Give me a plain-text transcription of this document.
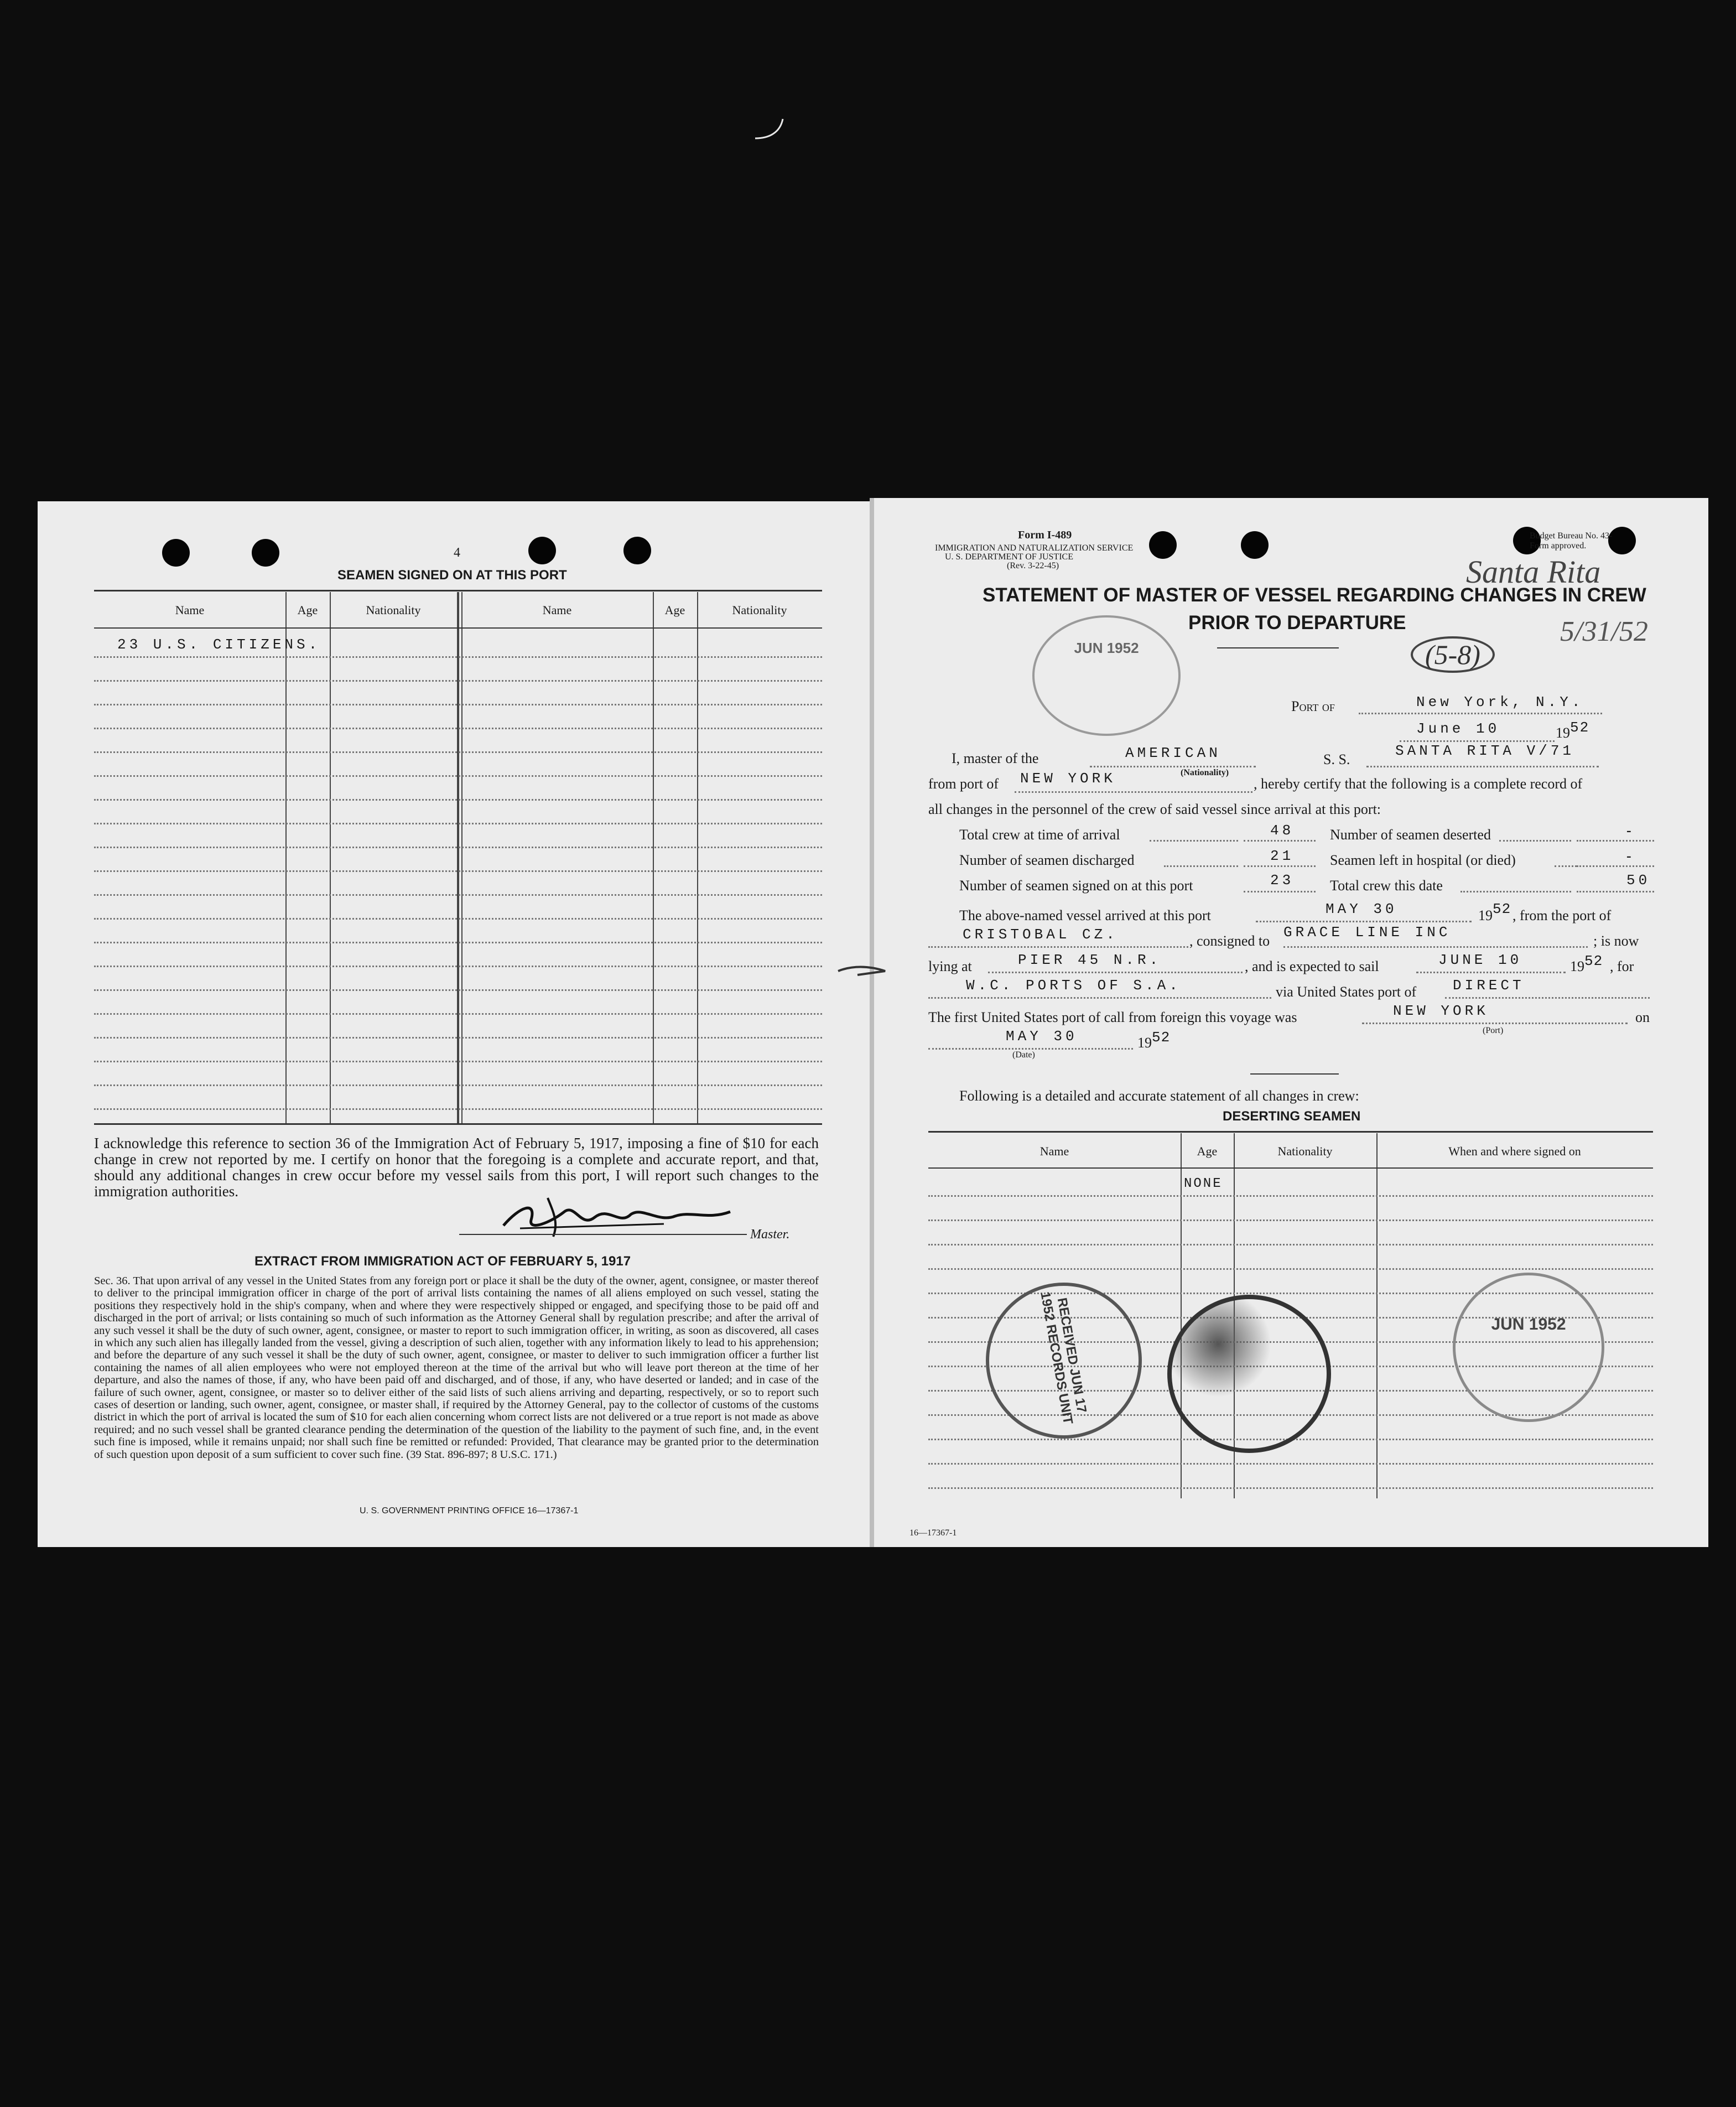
4
SEAMEN SIGNED ON AT THIS PORT
Name	Age	Nationality	Name	Age	Nationality
23 U.S. CITIZENS.
I acknowledge this reference to section 36 of the Immigration Act of February 5, 1917, imposing a fine of $10 for each change in crew not reported by me. I certify on honor that the foregoing is a complete and accurate report, and that, should any additional changes in crew occur before my vessel sails from this port, I will report such changes to the immigration authorities.
Master.
EXTRACT FROM IMMIGRATION ACT OF FEBRUARY 5, 1917
Sec. 36. That upon arrival of any vessel in the United States from any foreign port or place it shall be the duty of the owner, agent, consignee, or master thereof to deliver to the principal immigration officer in charge of the port of arrival lists containing the names of all aliens employed on such vessel, stating the positions they respectively hold in the ship's company, when and where they were respectively shipped or engaged, and specifying those to be paid off and discharged in the port of arrival; or lists containing so much of such information as the Attorney General shall by regulation prescribe; and after the arrival of any such vessel it shall be the duty of such owner, agent, consignee, or master to report to such immigration officer, in writing, as soon as discovered, all cases in which any such alien has illegally landed from the vessel, giving a description of such alien, together with any information likely to lead to his apprehension; and before the departure of any such vessel it shall be the duty of such owner, agent, consignee, or master to deliver to such immigration officer a further list containing the names of all alien employees who were not employed thereon at the time of the arrival but who will leave port thereon at the time of her departure, and also the names of those, if any, who have been paid off and discharged, and of those, if any, who have deserted or landed; and in case of the failure of such owner, agent, consignee, or master so to deliver either of the said lists of such aliens arriving and departing, respectively, or so to report such cases of desertion or landing, such owner, agent, consignee, or master shall, if required by the Attorney General, pay to the collector of customs of the customs district in which the port of arrival is located the sum of $10 for each alien concerning whom correct lists are not delivered or a true report is not made as above required; and no such vessel shall be granted clearance pending the determination of the question of the liability to the payment of such fine, and, in the event such fine is imposed, while it remains unpaid; nor shall such fine be remitted or refunded: Provided, That clearance may be granted prior to the determination of such question upon deposit of a sum sufficient to cover such fine. (39 Stat. 896-897; 8 U.S.C. 171.)
U. S. GOVERNMENT PRINTING OFFICE 16—17367-1
Form I-489
IMMIGRATION AND NATURALIZATION SERVICE
U. S. DEPARTMENT OF JUSTICE
(Rev. 3-22-45)
Budget Bureau No. 43-
Form approved.
Santa Rita
5/31/52
(5-8)
STATEMENT OF MASTER OF VESSEL REGARDING CHANGES IN CREW
PRIOR TO DEPARTURE
Port of	New York, N.Y.
June 10	19 52
I, master of the	AMERICAN
(Nationality)
S. S.
SANTA RITA V/71
from port of NEW YORK	, hereby certify that the following is a complete record of
all changes in the personnel of the crew of said vessel since arrival at this port:
Total crew at time of arrival	48 Number of seamen deserted	-
Number of seamen discharged	21 Seamen left in hospital (or died)	-
Number of seamen signed on at this port	23 Total crew this date	50
The above-named vessel arrived at this port	MAY 30	19 52 , from the port of
CRISTOBAL CZ.	, consigned to
GRACE LINE INC
; is now
lying at	PIER 45 N.R.	, and is expected to sail	JUNE 10	19 52 , for
W.C. PORTS OF S.A.	via United States port of	DIRECT
The first United States port of call from foreign this voyage was	NEW YORK
(Port)
on
MAY 30
(Date)
19 52
Following is a detailed and accurate statement of all changes in crew:
DESERTING SEAMEN
Name	Age	Nationality	When and where signed on
NONE
16—17367-1
JUN 1952
RECEIVED JUN 17 1952 RECORDS UNIT	JUN 1952
